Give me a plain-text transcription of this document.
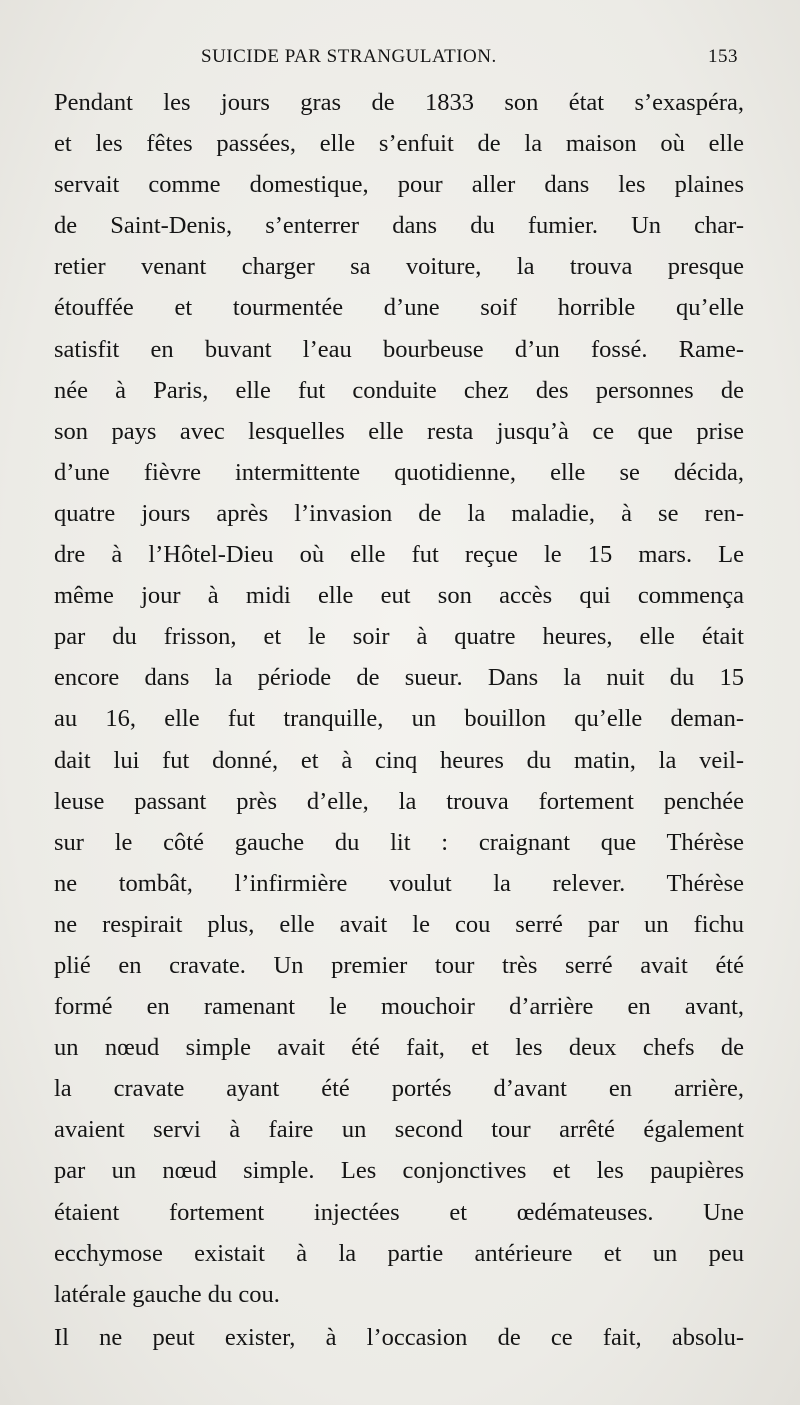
SUICIDE PAR STRANGULATION.	153
Pendant les jours gras de 1833 son état s’exaspéra,
et les fêtes passées, elle s’enfuit de la maison où elle
servait comme domestique, pour aller dans les plaines
de Saint-Denis, s’enterrer dans du fumier. Un char-
retier venant charger sa voiture, la trouva presque
étouffée et tourmentée d’une soif horrible qu’elle
satisfit en buvant l’eau bourbeuse d’un fossé. Rame-
née à Paris, elle fut conduite chez des personnes de
son pays avec lesquelles elle resta jusqu’à ce que prise
d’une fièvre intermittente quotidienne, elle se décida,
quatre jours après l’invasion de la maladie, à se ren-
dre à l’Hôtel-Dieu où elle fut reçue le 15 mars. Le
même jour à midi elle eut son accès qui commença
par du frisson, et le soir à quatre heures, elle était
encore dans la période de sueur. Dans la nuit du 15
au 16, elle fut tranquille, un bouillon qu’elle deman-
dait lui fut donné, et à cinq heures du matin, la veil-
leuse passant près d’elle, la trouva fortement penchée
sur le côté gauche du lit : craignant que Thérèse
ne tombât, l’infirmière voulut la relever. Thérèse
ne respirait plus, elle avait le cou serré par un fichu
plié en cravate. Un premier tour très serré avait été
formé en ramenant le mouchoir d’arrière en avant,
un nœud simple avait été fait, et les deux chefs de
la cravate ayant été portés d’avant en arrière,
avaient servi à faire un second tour arrêté également
par un nœud simple. Les conjonctives et les paupières
étaient fortement injectées et œdémateuses. Une
ecchymose existait à la partie antérieure et un peu
latérale gauche du cou.
Il ne peut exister, à l’occasion de ce fait, absolu-
